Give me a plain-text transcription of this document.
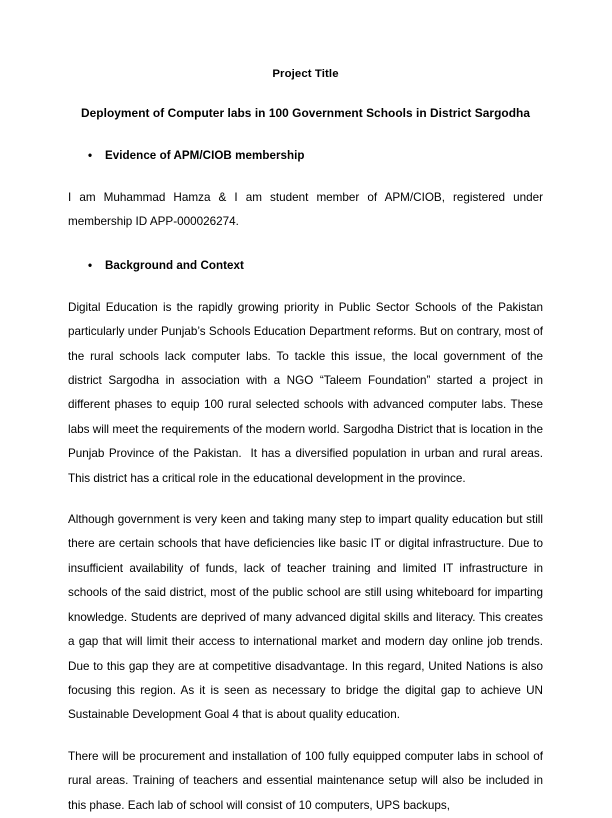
Project Title
Deployment of Computer labs in 100 Government Schools in District Sargodha
• Evidence of APM/CIOB membership

I am Muhammad Hamza & I am student member of APM/CIOB, registered under membership ID APP-000026274.

• Background and Context

Digital Education is the rapidly growing priority in Public Sector Schools of the Pakistan particularly under Punjab’s Schools Education Department reforms. But on contrary, most of the rural schools lack computer labs. To tackle this issue, the local government of the district Sargodha in association with a NGO “Taleem Foundation” started a project in different phases to equip 100 rural selected schools with advanced computer labs. These labs will meet the requirements of the modern world. Sargodha District that is location in the Punjab Province of the Pakistan.  It has a diversified population in urban and rural areas.  This district has a critical role in the educational development in the province.

Although government is very keen and taking many step to impart quality education but still there are certain schools that have deficiencies like basic IT or digital infrastructure. Due to insufficient availability of funds, lack of teacher training and limited IT infrastructure in schools of the said district, most of the public school are still using whiteboard for imparting knowledge. Students are deprived of many advanced digital skills and literacy. This creates a gap that will limit their access to international market and modern day online job trends. Due to this gap they are at competitive disadvantage. In this regard, United Nations is also focusing this region. As it is seen as necessary to bridge the digital gap to achieve UN Sustainable Development Goal 4 that is about quality education.

There will be procurement and installation of 100 fully equipped computer labs in school of rural areas. Training of teachers and essential maintenance setup will also be included in this phase. Each lab of school will consist of 10 computers, UPS backups,
